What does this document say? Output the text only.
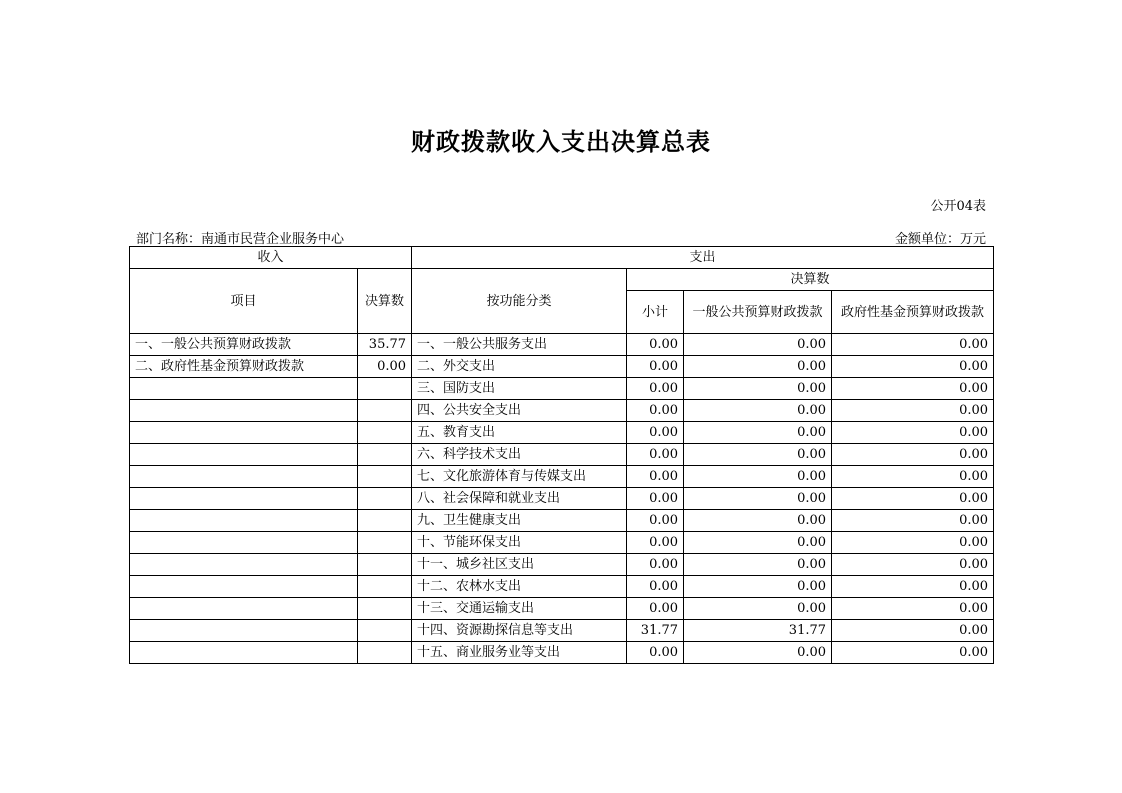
财政拨款收入支出决算总表
公开04表
部门名称：南通市民营企业服务中心	金额单位：万元
收入		支出			
项目	决算数	按功能分类	决算数		
			小计	一般公共预算财政拨款	政府性基金预算财政拨款
一、一般公共预算财政拨款	35.77	一、一般公共服务支出	0.00	0.00	0.00
二、政府性基金预算财政拨款	0.00	二、外交支出	0.00	0.00	0.00
		三、国防支出	0.00	0.00	0.00
		四、公共安全支出	0.00	0.00	0.00
		五、教育支出	0.00	0.00	0.00
		六、科学技术支出	0.00	0.00	0.00
		七、文化旅游体育与传媒支出	0.00	0.00	0.00
		八、社会保障和就业支出	0.00	0.00	0.00
		九、卫生健康支出	0.00	0.00	0.00
		十、节能环保支出	0.00	0.00	0.00
		十一、城乡社区支出	0.00	0.00	0.00
		十二、农林水支出	0.00	0.00	0.00
		十三、交通运输支出	0.00	0.00	0.00
		十四、资源勘探信息等支出	31.77	31.77	0.00
		十五、商业服务业等支出	0.00	0.00	0.00
